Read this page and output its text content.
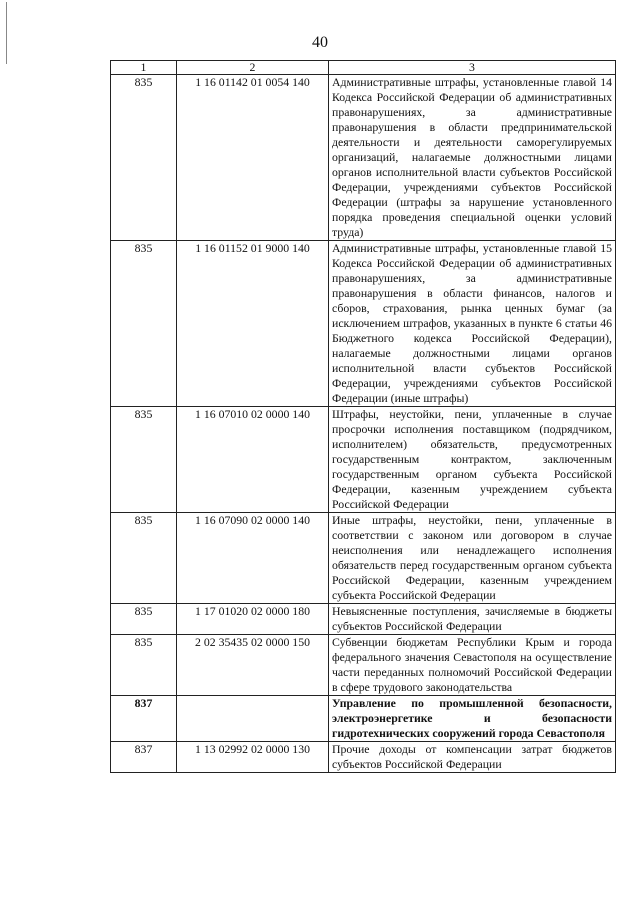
40
1	2	3
835	1 16 01142 01 0054 140	Административные штрафы, установленные главой 14 Кодекса Российской Федерации об административных правонарушениях, за административные правонарушения в области предпринимательской деятельности и деятельности саморегулируемых организаций, налагаемые должностными лицами органов исполнительной власти субъектов Российской Федерации, учреждениями субъектов Российской Федерации (штрафы за нарушение установленного порядка проведения специальной оценки условий труда)
835	1 16 01152 01 9000 140	Административные штрафы, установленные главой 15 Кодекса Российской Федерации об административных правонарушениях, за административные правонарушения в области финансов, налогов и сборов, страхования, рынка ценных бумаг (за исключением штрафов, указанных в пункте 6 статьи 46 Бюджетного кодекса Российской Федерации), налагаемые должностными лицами органов исполнительной власти субъектов Российской Федерации, учреждениями субъектов Российской Федерации (иные штрафы)
835	1 16 07010 02 0000 140	Штрафы, неустойки, пени, уплаченные в случае просрочки исполнения поставщиком (подрядчиком, исполнителем) обязательств, предусмотренных государственным контрактом, заключенным государственным органом субъекта Российской Федерации, казенным учреждением субъекта Российской Федерации
835	1 16 07090 02 0000 140	Иные штрафы, неустойки, пени, уплаченные в соответствии с законом или договором в случае неисполнения или ненадлежащего исполнения обязательств перед государственным органом субъекта Российской Федерации, казенным учреждением субъекта Российской Федерации
835	1 17 01020 02 0000 180	Невыясненные поступления, зачисляемые в бюджеты субъектов Российской Федерации
835	2 02 35435 02 0000 150	Субвенции бюджетам Республики Крым и города федерального значения Севастополя на осуществление части переданных полномочий Российской Федерации в сфере трудового законодательства
837		Управление по промышленной безопасности, электроэнергетике и безопасности гидротехнических сооружений города Севастополя
837	1 13 02992 02 0000 130	Прочие доходы от компенсации затрат бюджетов субъектов Российской Федерации
